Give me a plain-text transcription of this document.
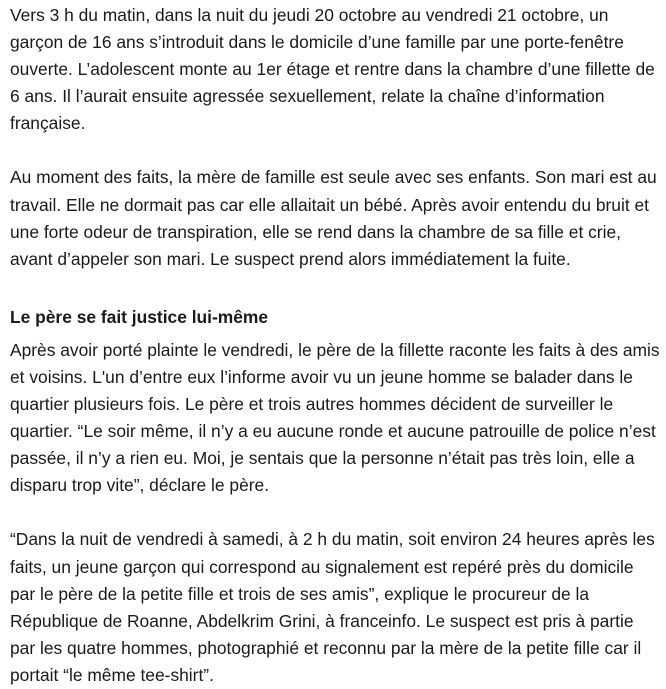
Vers 3 h du matin, dans la nuit du jeudi 20 octobre au vendredi 21 octobre, un garçon de 16 ans s’introduit dans le domicile d’une famille par une porte-fenêtre ouverte. L’adolescent monte au 1er étage et rentre dans la chambre d’une fillette de 6 ans. Il l’aurait ensuite agressée sexuellement, relate la chaîne d’information française.

Au moment des faits, la mère de famille est seule avec ses enfants. Son mari est au travail. Elle ne dormait pas car elle allaitait un bébé. Après avoir entendu du bruit et une forte odeur de transpiration, elle se rend dans la chambre de sa fille et crie, avant d’appeler son mari. Le suspect prend alors immédiatement la fuite.

Le père se fait justice lui-même

Après avoir porté plainte le vendredi, le père de la fillette raconte les faits à des amis et voisins. L'un d’entre eux l’informe avoir vu un jeune homme se balader dans le quartier plusieurs fois. Le père et trois autres hommes décident de surveiller le quartier. “Le soir même, il n’y a eu aucune ronde et aucune patrouille de police n’est passée, il n’y a rien eu. Moi, je sentais que la personne n’était pas très loin, elle a disparu trop vite”, déclare le père.

“Dans la nuit de vendredi à samedi, à 2 h du matin, soit environ 24 heures après les faits, un jeune garçon qui correspond au signalement est repéré près du domicile par le père de la petite fille et trois de ses amis”, explique le procureur de la République de Roanne, Abdelkrim Grini, à franceinfo. Le suspect est pris à partie par les quatre hommes, photographié et reconnu par la mère de la petite fille car il portait “le même tee-shirt”.
